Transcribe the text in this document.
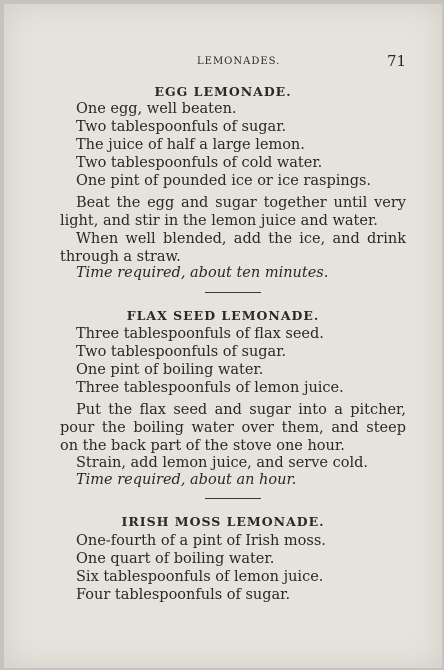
LEMONADES.	71
EGG LEMONADE.
One egg, well beaten.
Two tablespoonfuls of sugar.
The juice of half a large lemon.
Two tablespoonfuls of cold water.
One pint of pounded ice or ice raspings.
Beat the egg and sugar together until very light, and stir in the lemon juice and water.
When well blended, add the ice, and drink through a straw.
Time required, about ten minutes.
FLAX SEED LEMONADE.
Three tablespoonfuls of flax seed.
Two tablespoonfuls of sugar.
One pint of boiling water.
Three tablespoonfuls of lemon juice.
Put the flax seed and sugar into a pitcher, pour the boiling water over them, and steep on the back part of the stove one hour.
Strain, add lemon juice, and serve cold.
Time required, about an hour.
IRISH MOSS LEMONADE.
One-fourth of a pint of Irish moss.
One quart of boiling water.
Six tablespoonfuls of lemon juice.
Four tablespoonfuls of sugar.
